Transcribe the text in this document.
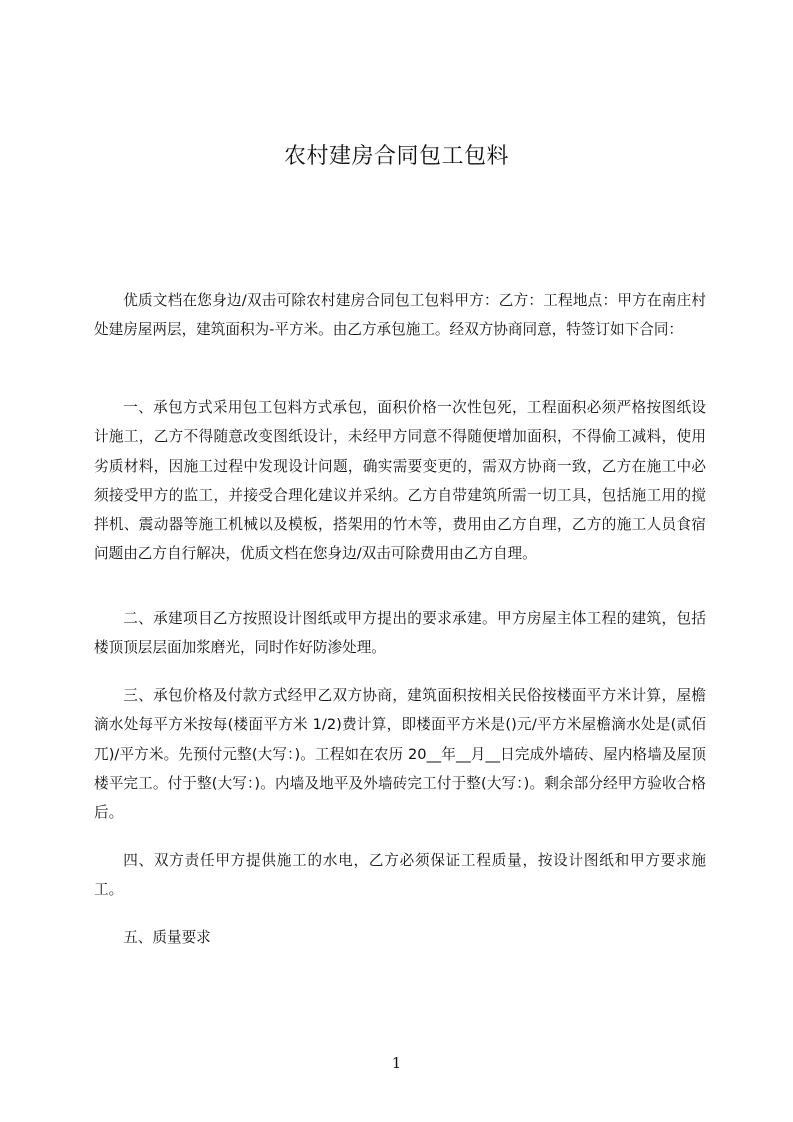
农村建房合同包工包料

优质文档在您身边/双击可除农村建房合同包工包料甲方：乙方：工程地点：甲方在南庄村处建房屋两层，建筑面积为-平方米。由乙方承包施工。经双方协商同意，特签订如下合同：

一、承包方式采用包工包料方式承包，面积价格一次性包死，工程面积必须严格按图纸设计施工，乙方不得随意改变图纸设计，未经甲方同意不得随便增加面积，不得偷工减料，使用劣质材料，因施工过程中发现设计问题，确实需要变更的，需双方协商一致，乙方在施工中必须接受甲方的监工，并接受合理化建议并采纳。乙方自带建筑所需一切工具，包括施工用的搅拌机、震动器等施工机械以及模板，搭架用的竹木等，费用由乙方自理，乙方的施工人员食宿问题由乙方自行解决，优质文档在您身边/双击可除费用由乙方自理。

二、承建项目乙方按照设计图纸或甲方提出的要求承建。甲方房屋主体工程的建筑，包括楼顶顶层层面加浆磨光，同时作好防渗处理。

三、承包价格及付款方式经甲乙双方协商，建筑面积按相关民俗按楼面平方米计算，屋檐滴水处每平方米按每(楼面平方米 1/2)费计算，即楼面平方米是()元/平方米屋檐滴水处是(贰佰兀)/平方米。先预付元整(大写：)。工程如在农历 20__年__月__日完成外墙砖、屋内格墙及屋顶楼平完工。付于整(大写：)。内墙及地平及外墙砖完工付于整(大写：)。剩余部分经甲方验收合格后。

四、双方责任甲方提供施工的水电，乙方必须保证工程质量，按设计图纸和甲方要求施工。

五、质量要求

1
